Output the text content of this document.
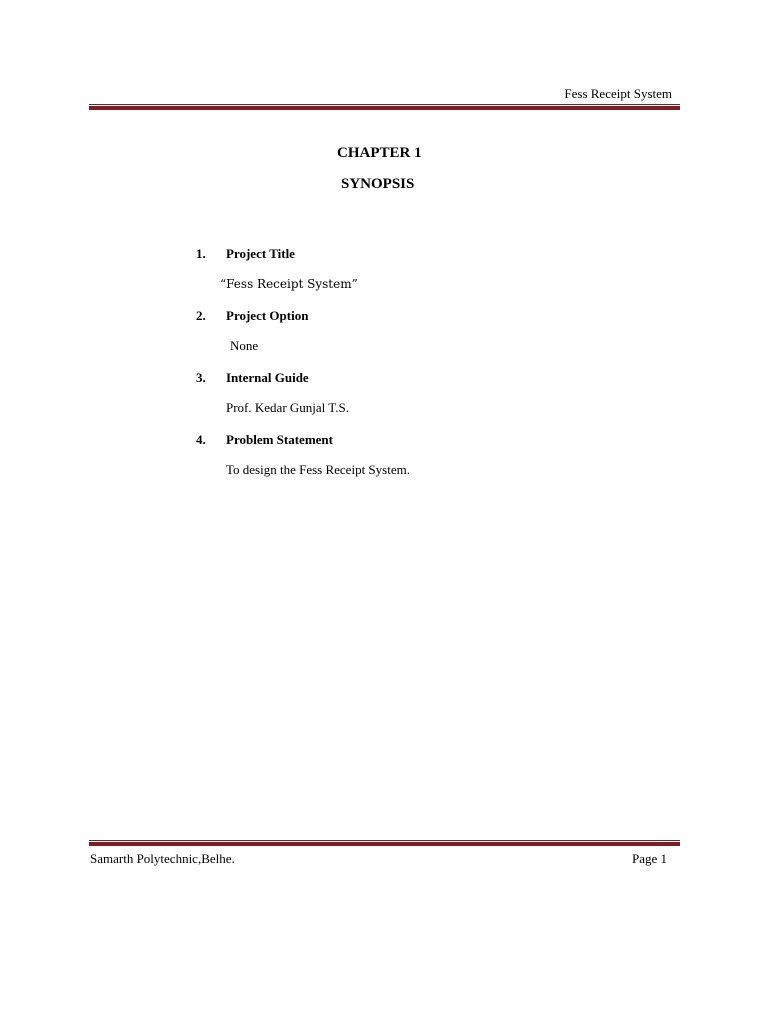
Fess Receipt System
CHAPTER 1
SYNOPSIS
1. Project Title
“Fess Receipt System”
2. Project Option
None
3. Internal Guide
Prof. Kedar Gunjal T.S.
4. Problem Statement
To design the Fess Receipt System.
Samarth Polytechnic,Belhe.	Page 1
